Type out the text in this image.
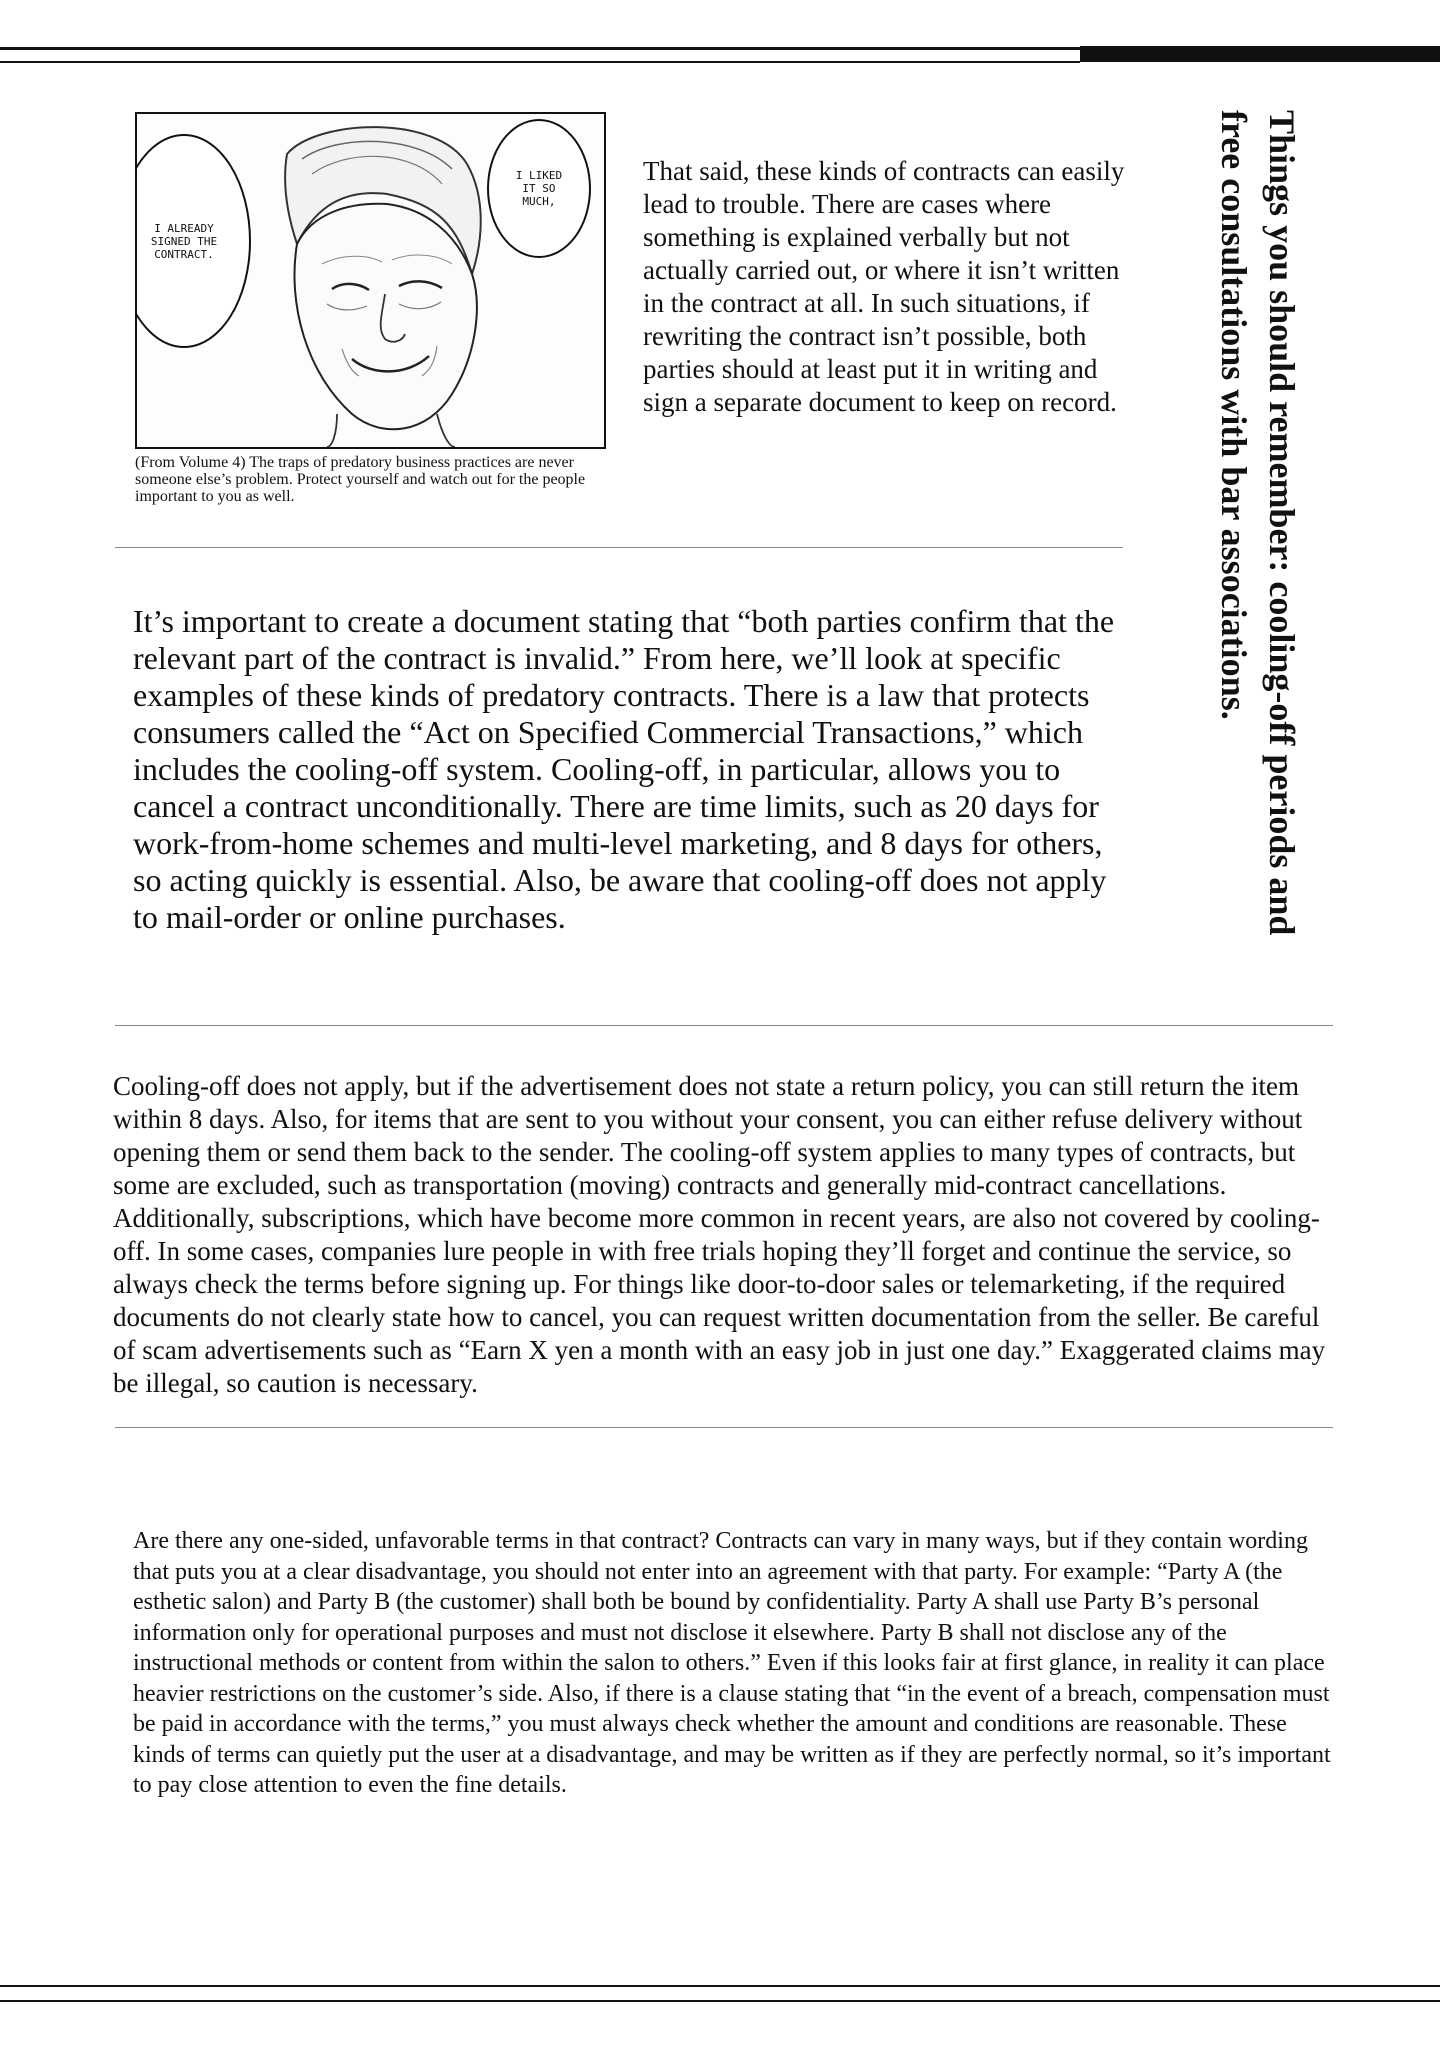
I ALREADY
SIGNED THE
CONTRACT.
I LIKED
IT SO
MUCH,

(From Volume 4) The traps of predatory business practices are never someone else’s problem. Protect yourself and watch out for the people important to you as well.

That said, these kinds of contracts can easily lead to trouble. There are cases where something is explained verbally but not actually carried out, or where it isn’t written in the contract at all. In such situations, if rewriting the contract isn’t possible, both parties should at least put it in writing and sign a separate document to keep on record.	Things you should remember: cooling-off periods and free consultations with bar associations.

It’s important to create a document stating that “both parties confirm that the relevant part of the contract is invalid.” From here, we’ll look at specific examples of these kinds of predatory contracts. There is a law that protects consumers called the “Act on Specified Commercial Transactions,” which includes the cooling-off system. Cooling-off, in particular, allows you to cancel a contract unconditionally. There are time limits, such as 20 days for work-from-home schemes and multi-level marketing, and 8 days for others, so acting quickly is essential. Also, be aware that cooling-off does not apply to mail-order or online purchases.

Cooling-off does not apply, but if the advertisement does not state a return policy, you can still return the item within 8 days. Also, for items that are sent to you without your consent, you can either refuse delivery without opening them or send them back to the sender. The cooling-off system applies to many types of contracts, but some are excluded, such as transportation (moving) contracts and generally mid-contract cancellations. Additionally, subscriptions, which have become more common in recent years, are also not covered by cooling-off. In some cases, companies lure people in with free trials hoping they’ll forget and continue the service, so always check the terms before signing up. For things like door-to-door sales or telemarketing, if the required documents do not clearly state how to cancel, you can request written documentation from the seller. Be careful of scam advertisements such as “Earn X yen a month with an easy job in just one day.” Exaggerated claims may be illegal, so caution is necessary.

Are there any one-sided, unfavorable terms in that contract? Contracts can vary in many ways, but if they contain wording that puts you at a clear disadvantage, you should not enter into an agreement with that party. For example: “Party A (the esthetic salon) and Party B (the customer) shall both be bound by confidentiality. Party A shall use Party B’s personal information only for operational purposes and must not disclose it elsewhere. Party B shall not disclose any of the instructional methods or content from within the salon to others.” Even if this looks fair at first glance, in reality it can place heavier restrictions on the customer’s side. Also, if there is a clause stating that “in the event of a breach, compensation must be paid in accordance with the terms,” you must always check whether the amount and conditions are reasonable. These kinds of terms can quietly put the user at a disadvantage, and may be written as if they are perfectly normal, so it’s important to pay close attention to even the fine details.
